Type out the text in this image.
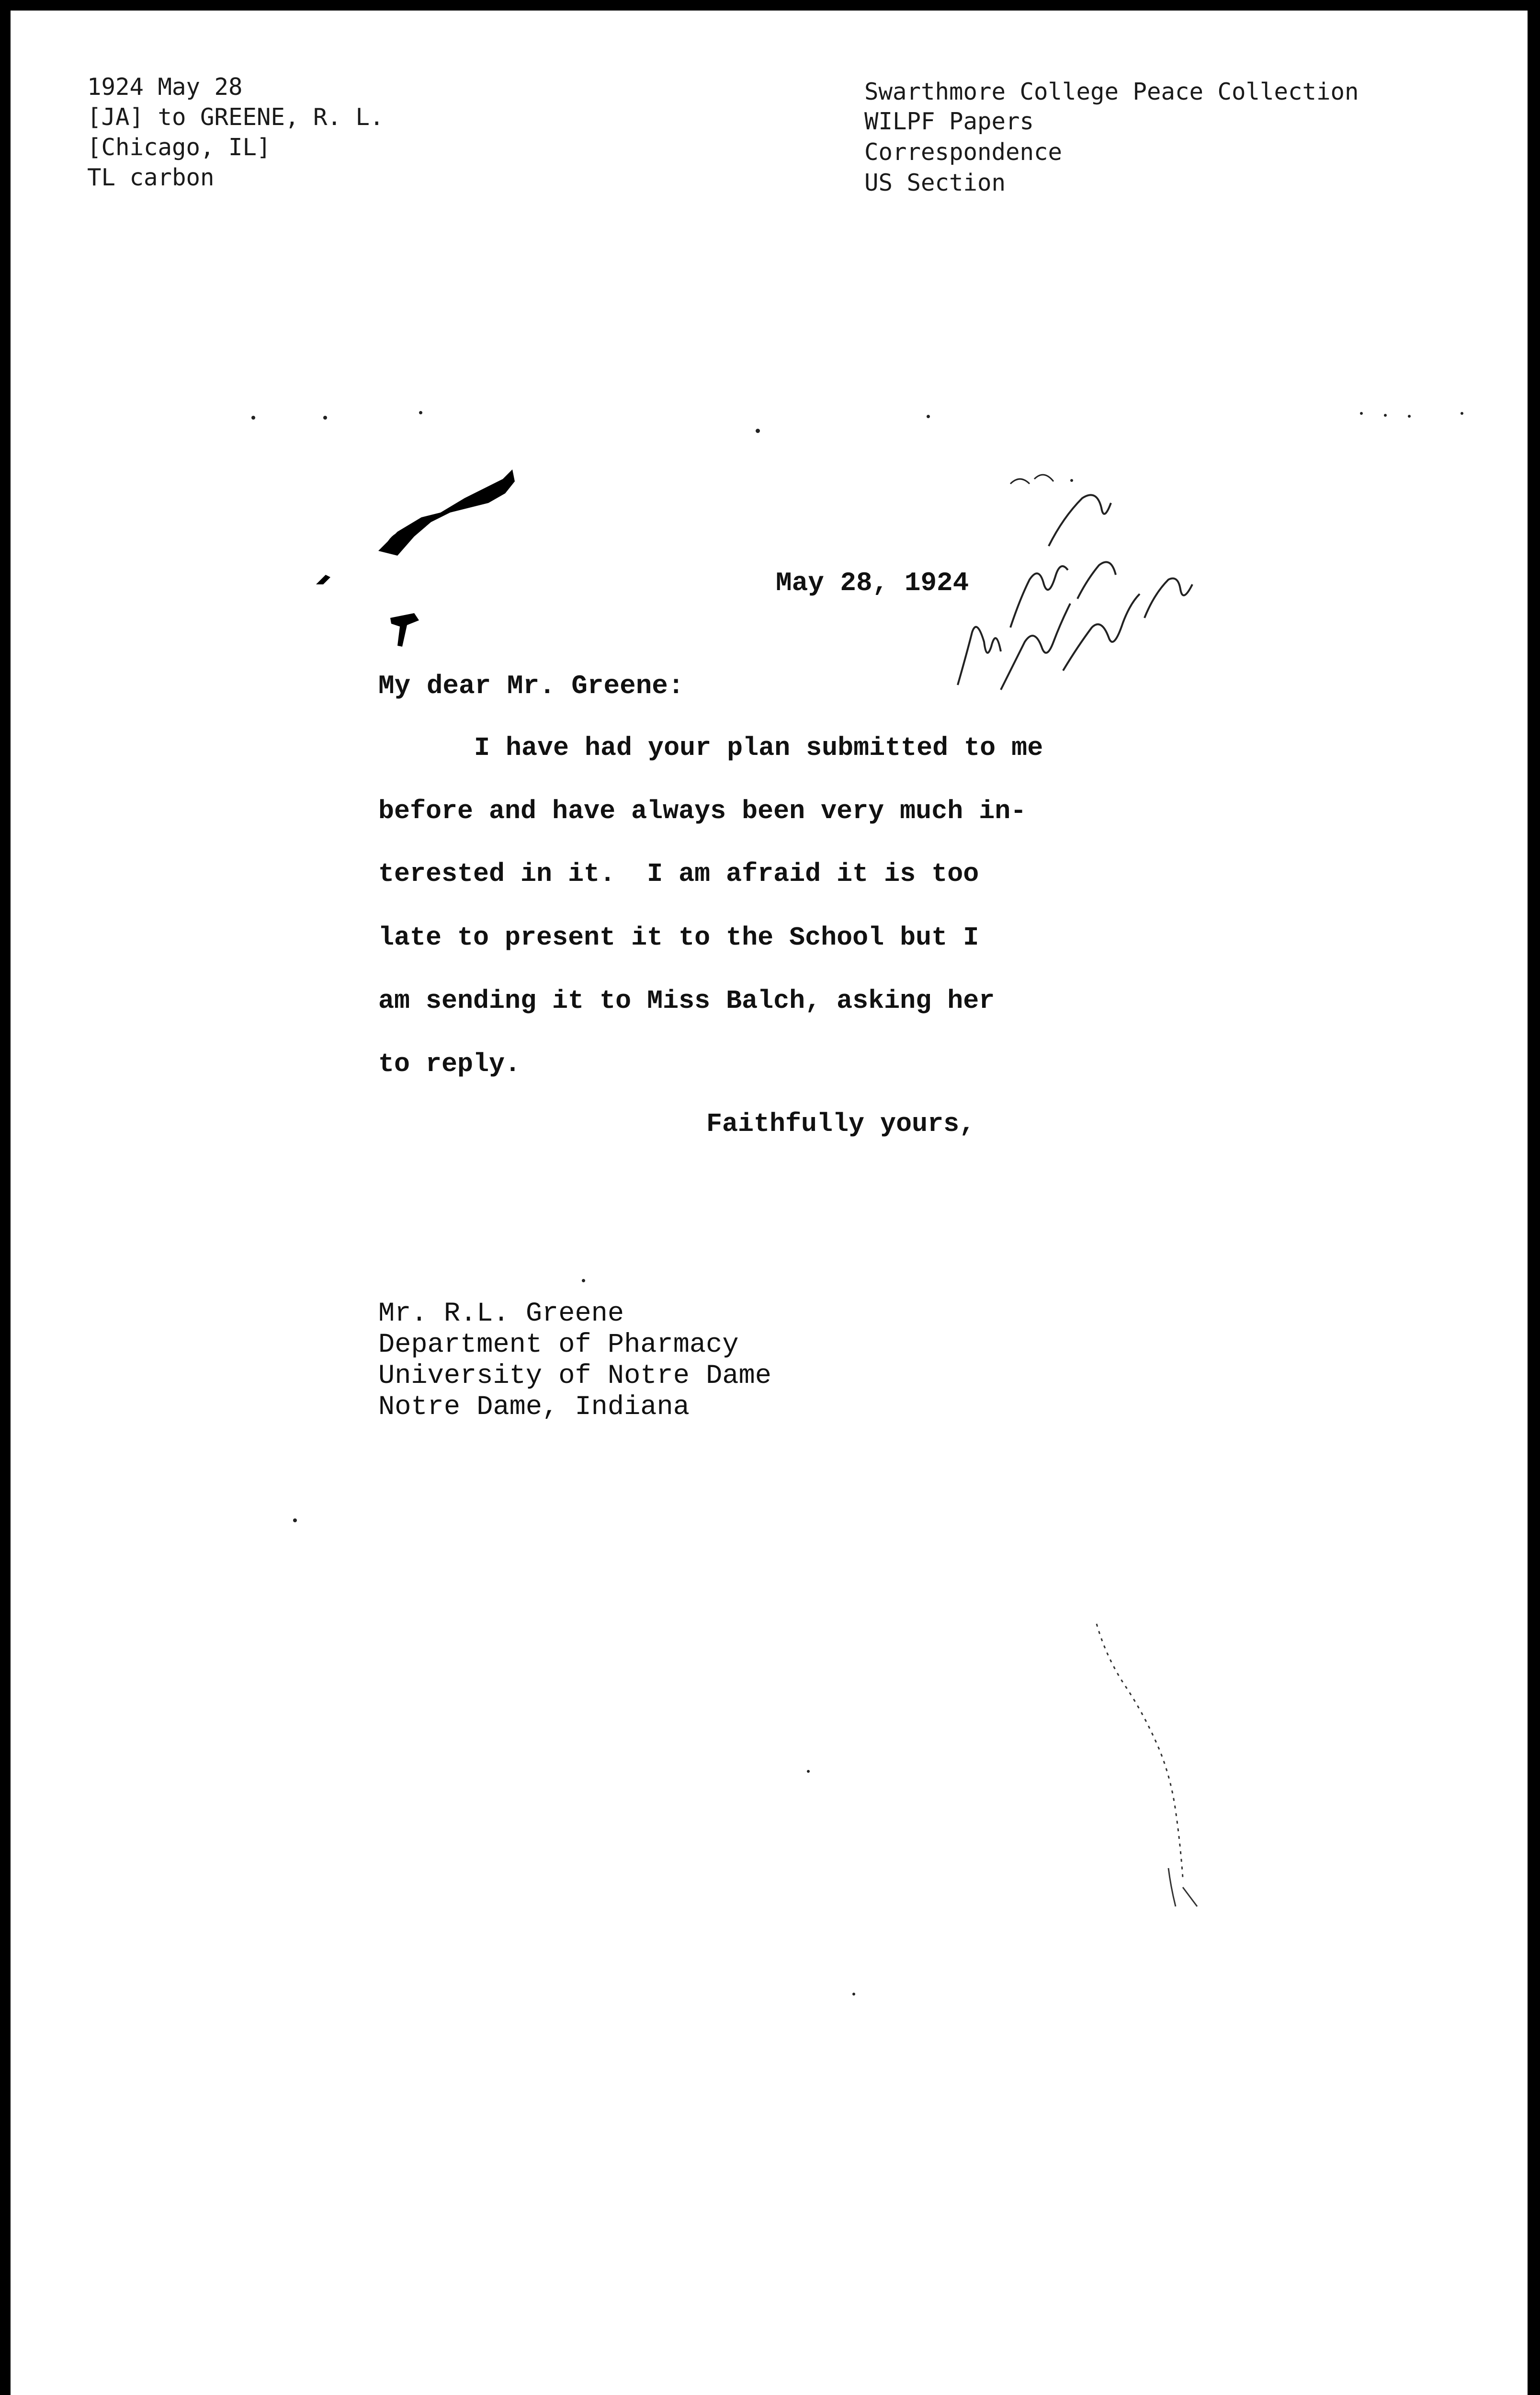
1924 May 28
[JA] to GREENE, R. L.
[Chicago, IL]
TL carbon
Swarthmore College Peace Collection
WILPF Papers
Correspondence
US Section
May 28, 1924
My dear Mr. Greene:
I have had your plan submitted to me
before and have always been very much in-
terested in it.  I am afraid it is too
late to present it to the School but I
am sending it to Miss Balch, asking her
to reply.
Faithfully yours,
Mr. R.L. Greene
Department of Pharmacy
University of Notre Dame
Notre Dame, Indiana
